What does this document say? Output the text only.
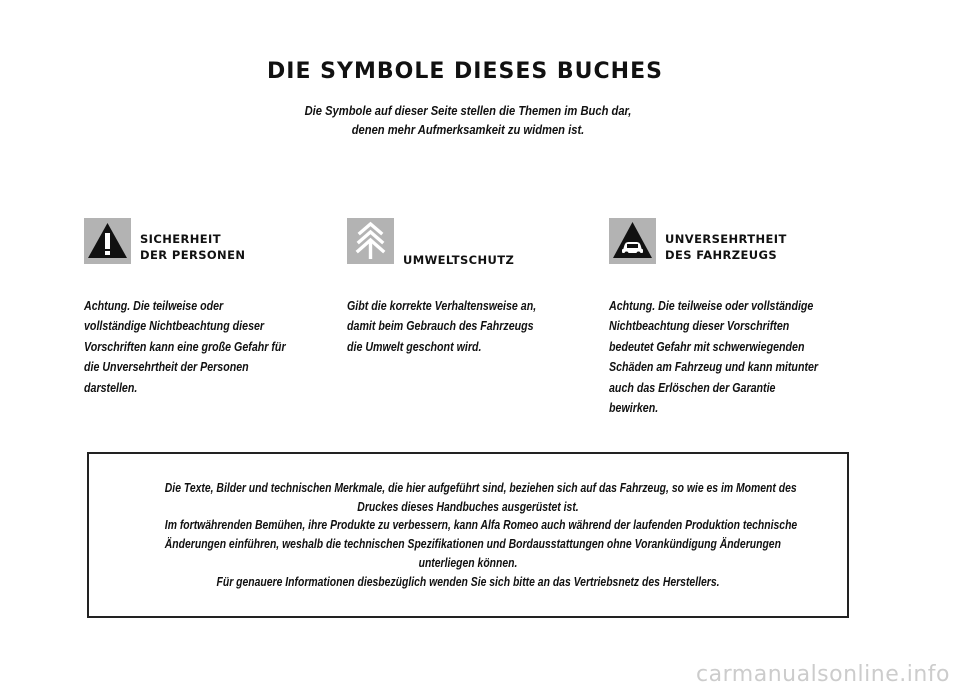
DIE SYMBOLE DIESES BUCHES
Die Symbole auf dieser Seite stellen die Themen im Buch dar,
denen mehr Aufmerksamkeit zu widmen ist.
SICHERHEIT
DER PERSONEN
Achtung. Die teilweise oder
vollständige Nichtbeachtung dieser
Vorschriften kann eine große Gefahr für
die Unversehrtheit der Personen
darstellen.
UMWELTSCHUTZ
Gibt die korrekte Verhaltensweise an,
damit beim Gebrauch des Fahrzeugs
die Umwelt geschont wird.
UNVERSEHRTHEIT
DES FAHRZEUGS
Achtung. Die teilweise oder vollständige
Nichtbeachtung dieser Vorschriften
bedeutet Gefahr mit schwerwiegenden
Schäden am Fahrzeug und kann mitunter
auch das Erlöschen der Garantie
bewirken.
Die Texte, Bilder und technischen Merkmale, die hier aufgeführt sind, beziehen sich auf das Fahrzeug, so wie es im Moment des
Druckes dieses Handbuches ausgerüstet ist.
Im fortwährenden Bemühen, ihre Produkte zu verbessern, kann Alfa Romeo auch während der laufenden Produktion technische
Änderungen einführen, weshalb die technischen Spezifikationen und Bordausstattungen ohne Vorankündigung Änderungen
unterliegen können.
Für genauere Informationen diesbezüglich wenden Sie sich bitte an das Vertriebsnetz des Herstellers.
carmanualsonline.info
